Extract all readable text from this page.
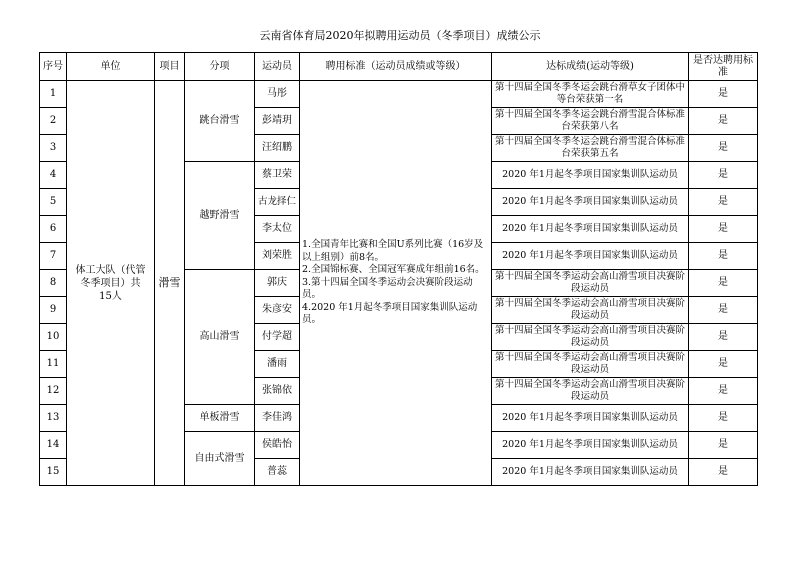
云南省体育局2020年拟聘用运动员（冬季项目）成绩公示
序号	单位	项目	分项	运动员	聘用标准（运动员成绩或等级）	达标成绩(运动等级)	是否达聘用标准
1	体工大队（代管冬季项目）共15人	滑雪	跳台滑雪	马彤	1.全国青年比赛和全国U系列比赛（16岁及以上组别）前8名。
2.全国锦标赛、全国冠军赛成年组前16名。
3.第十四届全国冬季运动会决赛阶段运动员。
4.2020 年1月起冬季项目国家集训队运动员。	第十四届全国冬季冬运会跳台滑草女子团体中等台荣获第一名	是
2				彭靖玥		第十四届全国冬季冬运会跳台滑雪混合体标准台荣获第八名	是
3				汪绍鹏		第十四届全国冬季冬运会跳台滑雪混合体标准台荣获第五名	是
4			越野滑雪	蔡卫荣		2020 年1月起冬季项目国家集训队运动员	是
5				古龙择仁		2020 年1月起冬季项目国家集训队运动员	是
6				李太位		2020 年1月起冬季项目国家集训队运动员	是
7				刘荣胜		2020 年1月起冬季项目国家集训队运动员	是
8			高山滑雪	郭庆		第十四届全国冬季运动会高山滑雪项目决赛阶段运动员	是
9				朱彦安		第十四届全国冬季运动会高山滑雪项目决赛阶段运动员	是
10				付学超		第十四届全国冬季运动会高山滑雪项目决赛阶段运动员	是
11				潘雨		第十四届全国冬季运动会高山滑雪项目决赛阶段运动员	是
12				张锦依		第十四届全国冬季运动会高山滑雪项目决赛阶段运动员	是
13			单板滑雪	李佳鸿		2020 年1月起冬季项目国家集训队运动员	是
14			自由式滑雪	侯皓怡		2020 年1月起冬季项目国家集训队运动员	是
15				普蕊		2020 年1月起冬季项目国家集训队运动员	是
